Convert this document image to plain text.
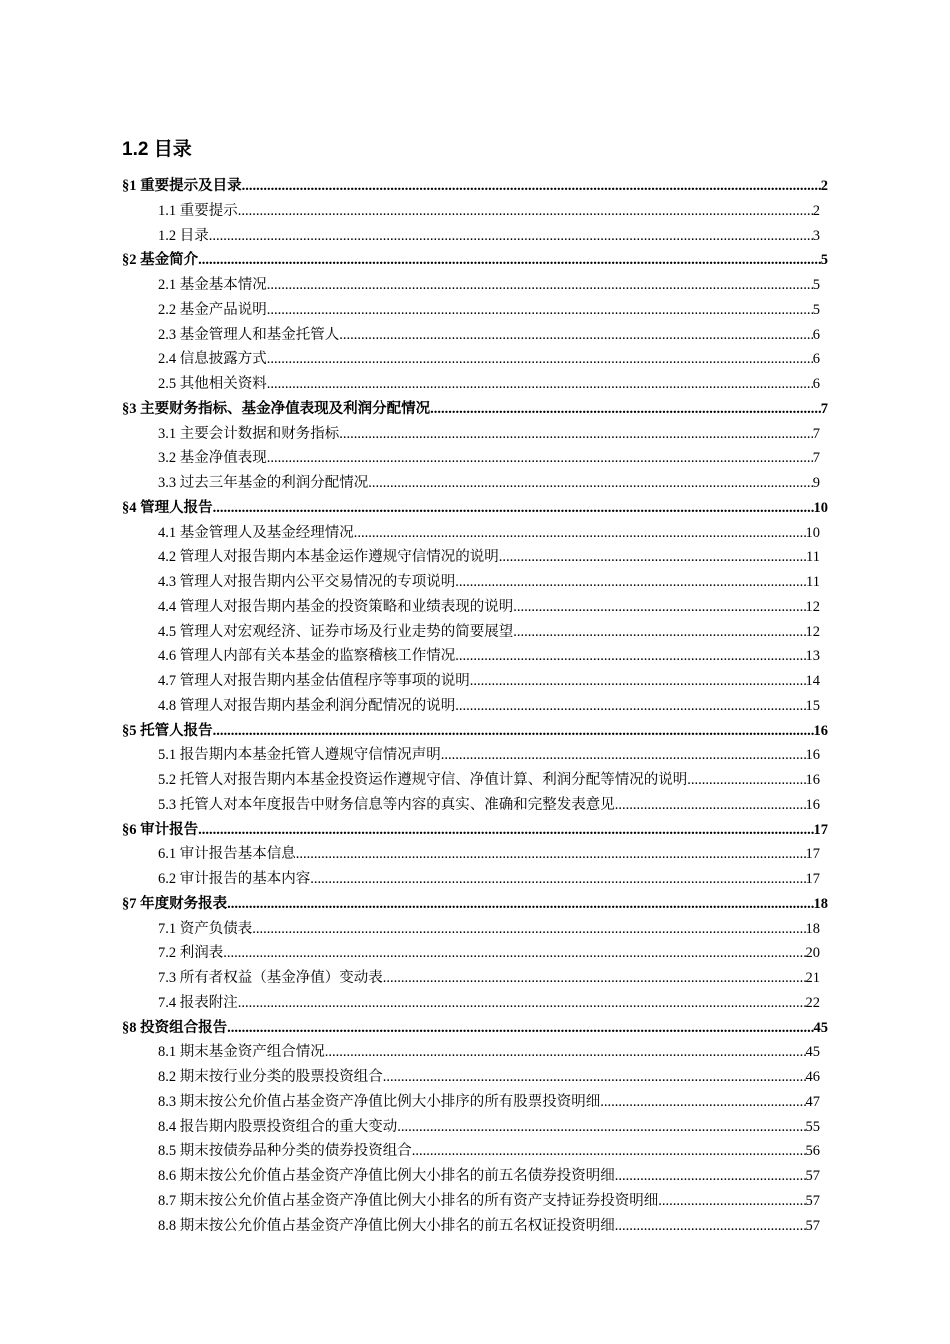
1.2 目录
§1 重要提示及目录 .....	2
1.1 重要提示 .....	2
1.2 目录 .....	3
§2 基金简介 .....	5
2.1 基金基本情况 .....	5
2.2 基金产品说明 .....	5
2.3 基金管理人和基金托管人 .....	6
2.4 信息披露方式 .....	6
2.5 其他相关资料 .....	6
§3 主要财务指标、基金净值表现及利润分配情况 .....	7
3.1 主要会计数据和财务指标 .....	7
3.2 基金净值表现 .....	7
3.3 过去三年基金的利润分配情况 .....	9
§4 管理人报告 .....	10
4.1 基金管理人及基金经理情况 .....	10
4.2 管理人对报告期内本基金运作遵规守信情况的说明 .....	11
4.3 管理人对报告期内公平交易情况的专项说明 .....	11
4.4 管理人对报告期内基金的投资策略和业绩表现的说明 .....	12
4.5 管理人对宏观经济、证券市场及行业走势的简要展望 .....	12
4.6 管理人内部有关本基金的监察稽核工作情况 .....	13
4.7 管理人对报告期内基金估值程序等事项的说明 .....	14
4.8 管理人对报告期内基金利润分配情况的说明 .....	15
§5 托管人报告 .....	16
5.1 报告期内本基金托管人遵规守信情况声明 .....	16
5.2 托管人对报告期内本基金投资运作遵规守信、净值计算、利润分配等情况的说明 .....	16
5.3 托管人对本年度报告中财务信息等内容的真实、准确和完整发表意见 .....	16
§6 审计报告 .....	17
6.1 审计报告基本信息 .....	17
6.2 审计报告的基本内容 .....	17
§7 年度财务报表 .....	18
7.1 资产负债表 .....	18
7.2 利润表 .....	20
7.3 所有者权益（基金净值）变动表 .....	21
7.4 报表附注 .....	22
§8 投资组合报告 .....	45
8.1 期末基金资产组合情况 .....	45
8.2 期末按行业分类的股票投资组合 .....	46
8.3 期末按公允价值占基金资产净值比例大小排序的所有股票投资明细 .....	47
8.4 报告期内股票投资组合的重大变动 .....	55
8.5 期末按债券品种分类的债券投资组合 .....	56
8.6 期末按公允价值占基金资产净值比例大小排名的前五名债券投资明细 .....	57
8.7 期末按公允价值占基金资产净值比例大小排名的所有资产支持证券投资明细 .....	57
8.8 期末按公允价值占基金资产净值比例大小排名的前五名权证投资明细 .....	57
